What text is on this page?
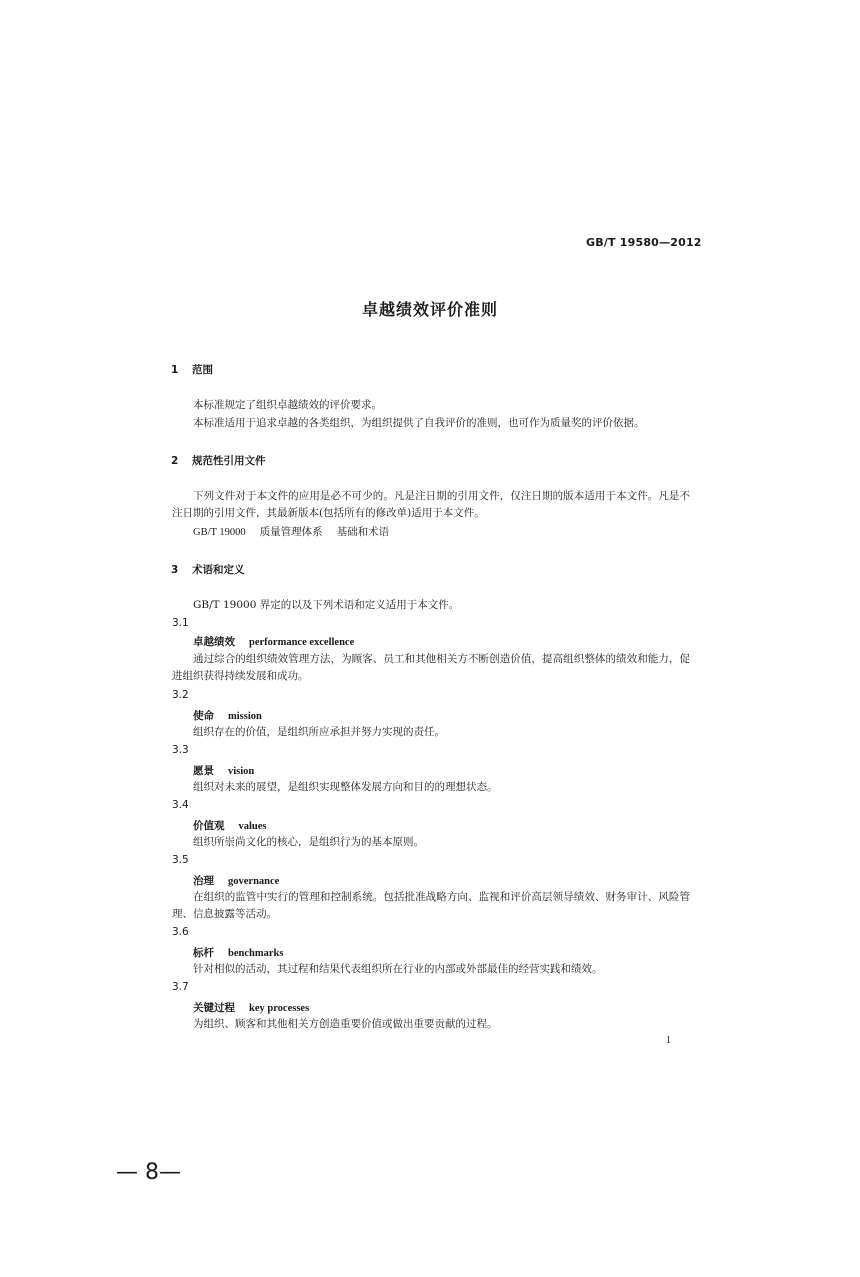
GB/T 19580—2012
卓越绩效评价准则
1 范围
本标准规定了组织卓越绩效的评价要求。
本标准适用于追求卓越的各类组织，为组织提供了自我评价的准则，也可作为质量奖的评价依据。
2 规范性引用文件
下列文件对于本文件的应用是必不可少的。凡是注日期的引用文件，仅注日期的版本适用于本文件。凡是不注日期的引用文件，其最新版本(包括所有的修改单)适用于本文件。
GB/T 19000 质量管理体系 基础和术语
3 术语和定义
GB/T 19000 界定的以及下列术语和定义适用于本文件。
3.1
卓越绩效 performance excellence
通过综合的组织绩效管理方法，为顾客、员工和其他相关方不断创造价值，提高组织整体的绩效和能力，促进组织获得持续发展和成功。
3.2
使命 mission
组织存在的价值，是组织所应承担并努力实现的责任。
3.3
愿景 vision
组织对未来的展望，是组织实现整体发展方向和目的的理想状态。
3.4
价值观 values
组织所崇尚文化的核心，是组织行为的基本原则。
3.5
治理 governance
在组织的监管中实行的管理和控制系统。包括批准战略方向、监视和评价高层领导绩效、财务审计、风险管理、信息披露等活动。
3.6
标杆 benchmarks
针对相似的活动，其过程和结果代表组织所在行业的内部或外部最佳的经营实践和绩效。
3.7
关键过程 key processes
为组织、顾客和其他相关方创造重要价值或做出重要贡献的过程。
1
— 8—
